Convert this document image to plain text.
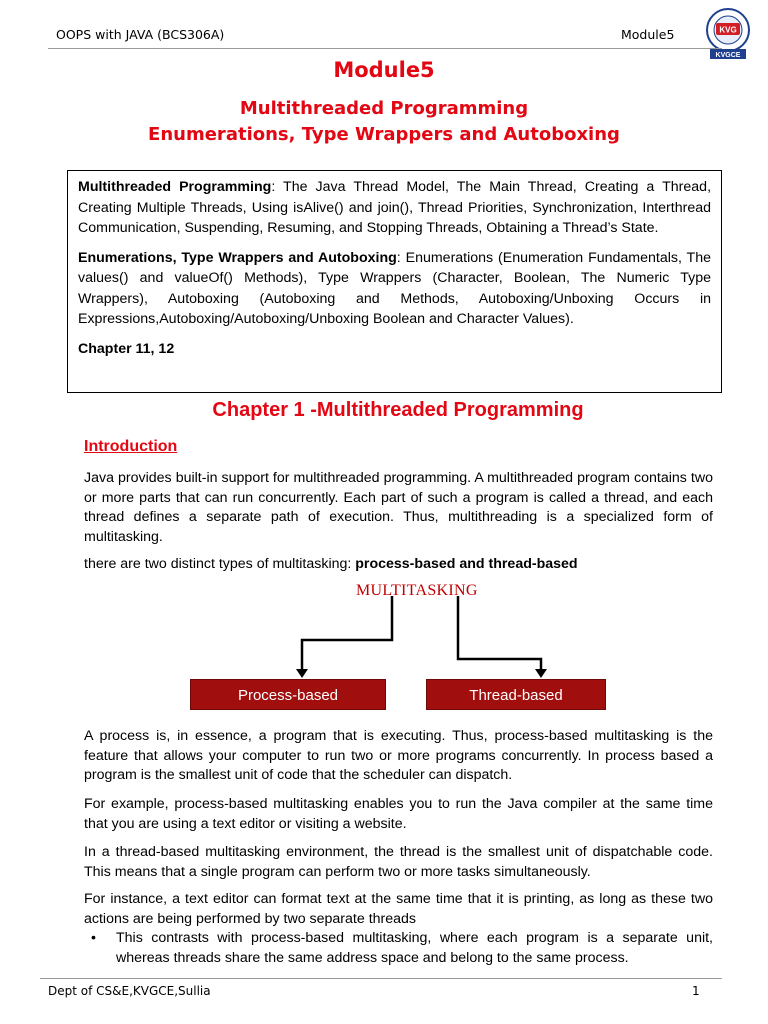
OOPS with JAVA (BCS306A)	Module5	KVG
KVGCE
Module5
Multithreaded Programming
Enumerations, Type Wrappers and Autoboxing

Multithreaded Programming: The Java Thread Model, The Main Thread, Creating a Thread, Creating Multiple Threads, Using isAlive() and join(), Thread Priorities, Synchronization, Interthread Communication, Suspending, Resuming, and Stopping Threads, Obtaining a Thread’s State.

Enumerations, Type Wrappers and Autoboxing: Enumerations (Enumeration Fundamentals, The values() and valueOf() Methods), Type Wrappers (Character, Boolean, The Numeric Type Wrappers), Autoboxing (Autoboxing and Methods, Autoboxing/Unboxing Occurs in Expressions,Autoboxing/Autoboxing/Unboxing Boolean and Character Values).

Chapter 11, 12

Chapter 1 -Multithreaded Programming
Introduction

Java provides built-in support for multithreaded programming. A multithreaded program contains two or more parts that can run concurrently. Each part of such a program is called a thread, and each thread defines a separate path of execution. Thus, multithreading is a specialized form of multitasking.

there are two distinct types of multitasking: process-based and thread-based

MULTITASKING
Process-based	Thread-based

A process is, in essence, a program that is executing. Thus, process-based multitasking is the feature that allows your computer to run two or more programs concurrently. In process based a program is the smallest unit of code that the scheduler can dispatch.

For example, process-based multitasking enables you to run the Java compiler at the same time that you are using a text editor or visiting a website.

In a thread-based multitasking environment, the thread is the smallest unit of dispatchable code. This means that a single program can perform two or more tasks simultaneously.

For instance, a text editor can format text at the same time that it is printing, as long as these two actions are being performed by two separate threads

• This contrasts with process-based multitasking, where each program is a separate unit, whereas threads share the same address space and belong to the same process.
Dept of CS&E,KVGCE,Sullia	1
